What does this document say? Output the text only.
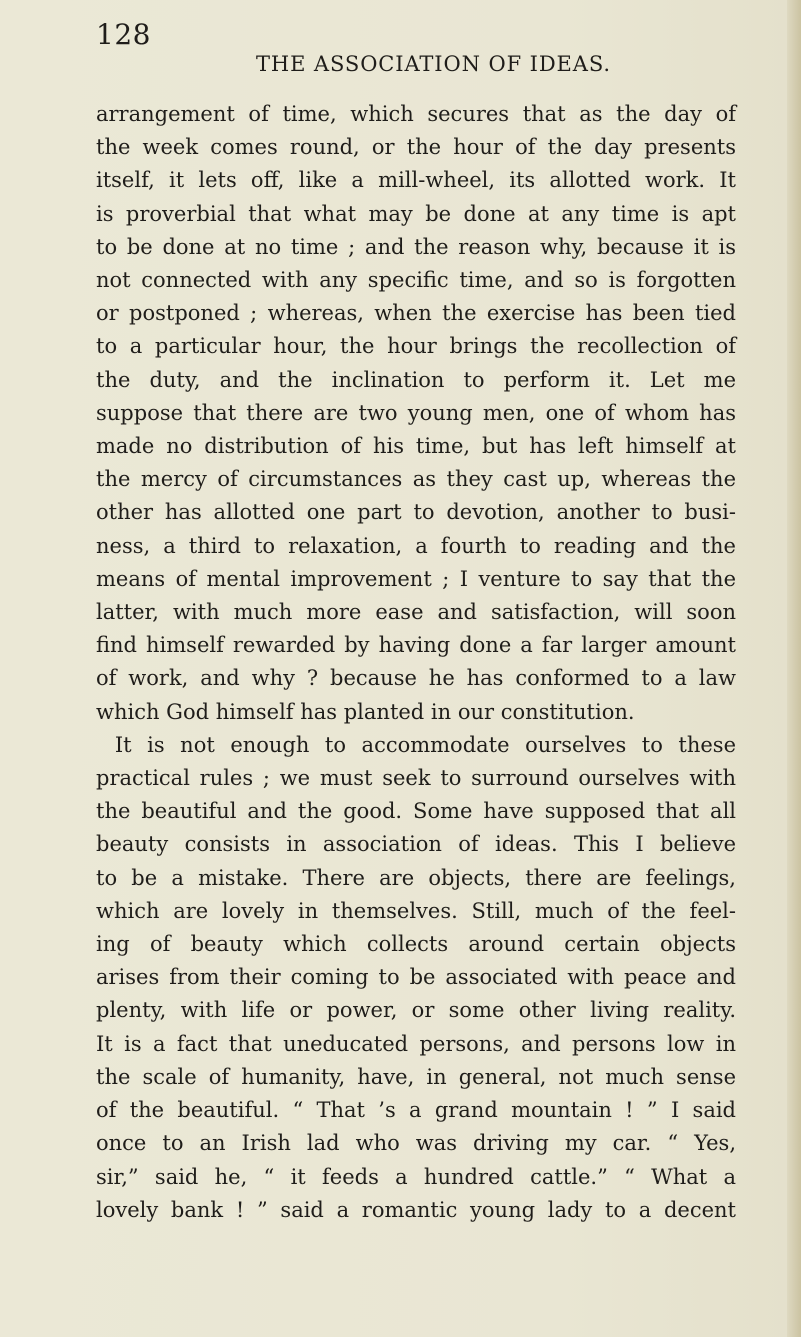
128
THE ASSOCIATION OF IDEAS.
arrangement of time, which secures that as the day of
the week comes round, or the hour of the day presents
itself, it lets off, like a mill-wheel, its allotted work. It
is proverbial that what may be done at any time is apt
to be done at no time ; and the reason why, because it is
not connected with any specific time, and so is forgotten
or postponed ; whereas, when the exercise has been tied
to a particular hour, the hour brings the recollection of
the duty, and the inclination to perform it. Let me
suppose that there are two young men, one of whom has
made no distribution of his time, but has left himself at
the mercy of circumstances as they cast up, whereas the
other has allotted one part to devotion, another to busi-
ness, a third to relaxation, a fourth to reading and the
means of mental improvement ; I venture to say that the
latter, with much more ease and satisfaction, will soon
find himself rewarded by having done a far larger amount
of work, and why ? because he has conformed to a law
which God himself has planted in our constitution.
It is not enough to accommodate ourselves to these
practical rules ; we must seek to surround ourselves with
the beautiful and the good. Some have supposed that all
beauty consists in association of ideas. This I believe
to be a mistake. There are objects, there are feelings,
which are lovely in themselves. Still, much of the feel-
ing of beauty which collects around certain objects
arises from their coming to be associated with peace and
plenty, with life or power, or some other living reality.
It is a fact that uneducated persons, and persons low in
the scale of humanity, have, in general, not much sense
of the beautiful. “ That ’s a grand mountain ! ” I said
once to an Irish lad who was driving my car. “ Yes,
sir,” said he, “ it feeds a hundred cattle.” “ What a
lovely bank ! ” said a romantic young lady to a decent
